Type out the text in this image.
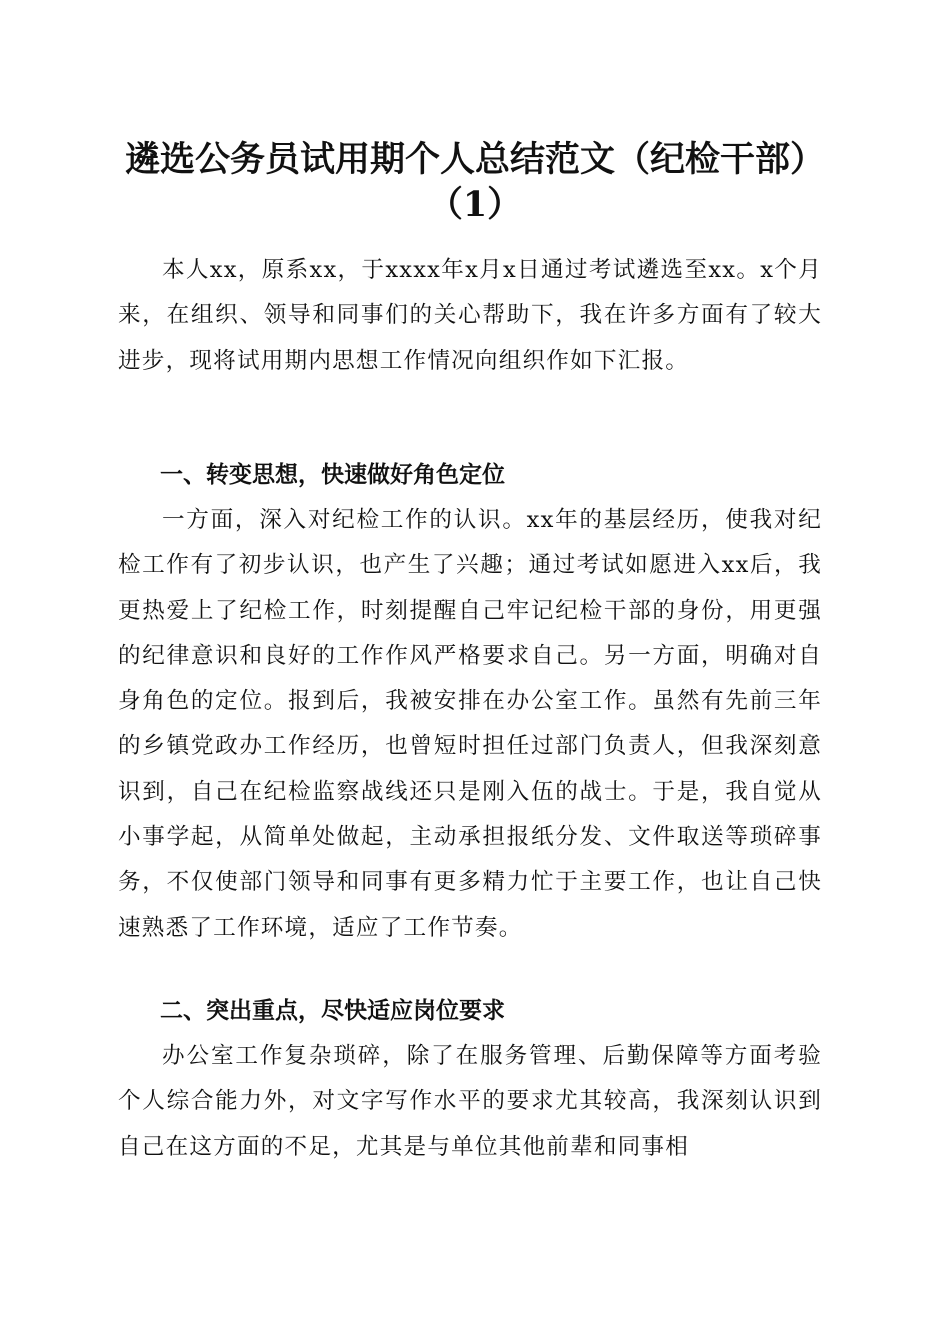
遴选公务员试用期个人总结范文（纪检干部）
（1）

本人xx，原系xx，于xxxx年x月x日通过考试遴选至xx。x个月来，在组织、领导和同事们的关心帮助下，我在许多方面有了较大进步，现将试用期内思想工作情况向组织作如下汇报。

一、转变思想，快速做好角色定位

一方面，深入对纪检工作的认识。xx年的基层经历，使我对纪检工作有了初步认识，也产生了兴趣；通过考试如愿进入xx后，我更热爱上了纪检工作，时刻提醒自己牢记纪检干部的身份，用更强的纪律意识和良好的工作作风严格要求自己。另一方面，明确对自身角色的定位。报到后，我被安排在办公室工作。虽然有先前三年的乡镇党政办工作经历，也曾短时担任过部门负责人，但我深刻意识到，自己在纪检监察战线还只是刚入伍的战士。于是，我自觉从小事学起，从简单处做起，主动承担报纸分发、文件取送等琐碎事务，不仅使部门领导和同事有更多精力忙于主要工作，也让自己快速熟悉了工作环境，适应了工作节奏。

二、突出重点，尽快适应岗位要求

办公室工作复杂琐碎，除了在服务管理、后勤保障等方面考验个人综合能力外，对文字写作水平的要求尤其较高，我深刻认识到自己在这方面的不足，尤其是与单位其他前辈和同事相
